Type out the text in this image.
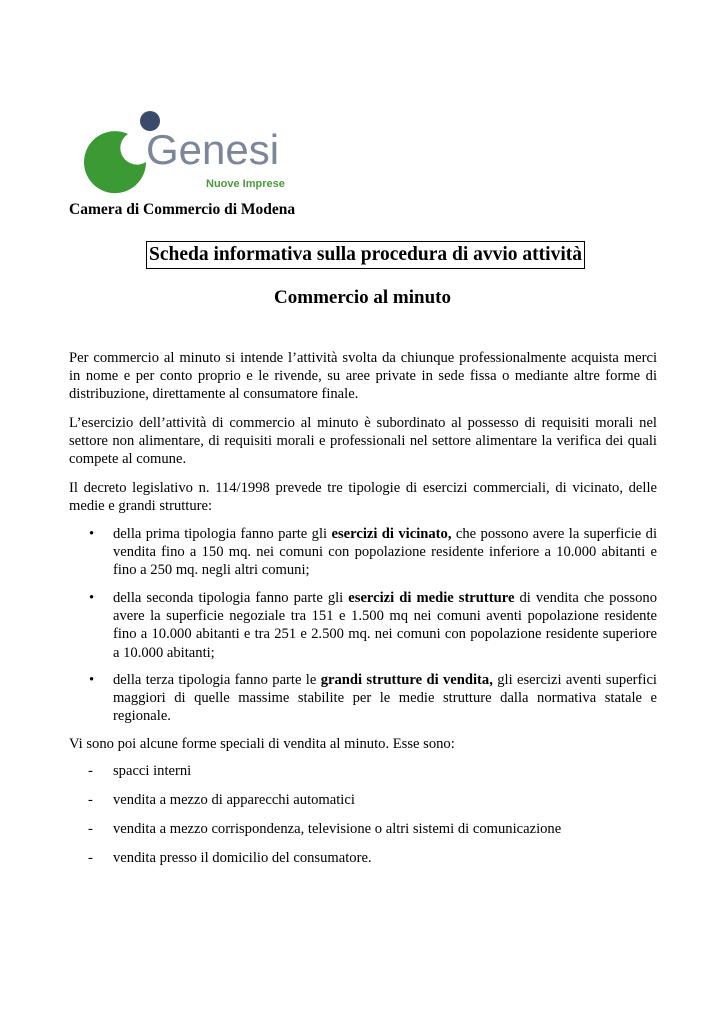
Genesi
Nuove Imprese
Camera di Commercio di Modena
Scheda informativa sulla procedura di avvio attività
Commercio al minuto

Per commercio al minuto si intende l’attività svolta da chiunque professionalmente acquista merci in nome e per conto proprio e le rivende, su aree private in sede fissa o mediante altre forme di distribuzione, direttamente al consumatore finale.

L’esercizio dell’attività di commercio al minuto è subordinato al possesso di requisiti morali nel settore non alimentare, di requisiti morali e professionali nel settore alimentare la verifica dei quali compete al comune.

Il decreto legislativo n. 114/1998 prevede tre tipologie di esercizi commerciali, di vicinato, delle medie e grandi strutture:

• della prima tipologia fanno parte gli esercizi di vicinato, che possono avere la superficie di vendita fino a 150 mq. nei comuni con popolazione residente inferiore a 10.000 abitanti e fino a 250 mq. negli altri comuni;
• della seconda tipologia fanno parte gli esercizi di medie strutture di vendita che possono avere la superficie negoziale tra 151 e 1.500 mq nei comuni aventi popolazione residente fino a 10.000 abitanti e tra 251 e 2.500 mq. nei comuni con popolazione residente superiore a 10.000 abitanti;
• della terza tipologia fanno parte le grandi strutture di vendita, gli esercizi aventi superfici maggiori di quelle massime stabilite per le medie strutture dalla normativa statale e regionale.

Vi sono poi alcune forme speciali di vendita al minuto. Esse sono:

- spacci interni
- vendita a mezzo di apparecchi automatici
- vendita a mezzo corrispondenza, televisione o altri sistemi di comunicazione
- vendita presso il domicilio del consumatore.
